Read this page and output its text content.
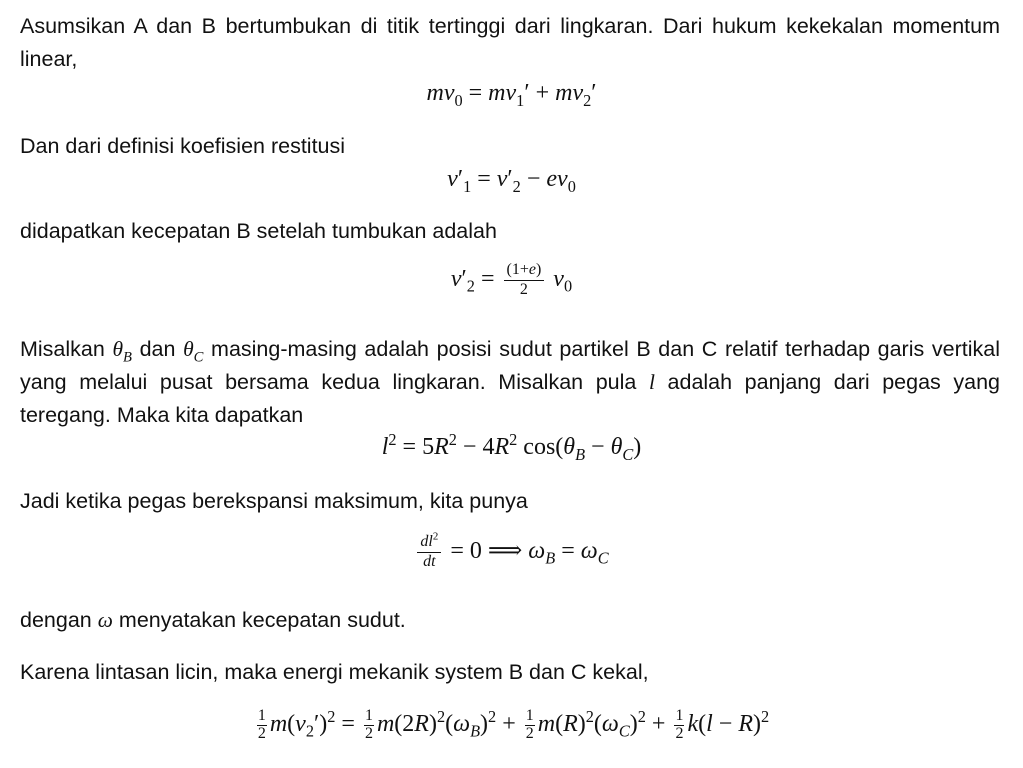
Asumsikan A dan B bertumbukan di titik tertinggi dari lingkaran. Dari hukum kekekalan momentum linear,

$mv_0 = mv_1' + mv_2'$

Dan dari definisi koefisien restitusi

$v'_1 = v'_2 - ev_0$

didapatkan kecepatan B setelah tumbukan adalah

$v'_2 = \frac{(1+e)}{2} v_0$

Misalkan $\theta_B$ dan $\theta_C$ masing-masing adalah posisi sudut partikel B dan C relatif terhadap garis vertikal yang melalui pusat bersama kedua lingkaran. Misalkan pula l adalah panjang dari pegas yang teregang. Maka kita dapatkan

$l^2 = 5R^2 - 4R^2$ $\cos(\theta_B - \theta_C)$

Jadi ketika pegas berekspansi maksimum, kita punya

$\frac{dl^2}{dt} = 0$ ⟹ $\omega_B = \omega_C$

dengan ω menyatakan kecepatan sudut.

Karena lintasan licin, maka energi mekanik system B dan C kekal,

$\frac{1}{2} m(v_2')^2 = \frac{1}{2} m(2R)^2(\omega_B)^2 + \frac{1}{2} m(R)^2(\omega_C)^2 + \frac{1}{2} k(l - R)^2$
